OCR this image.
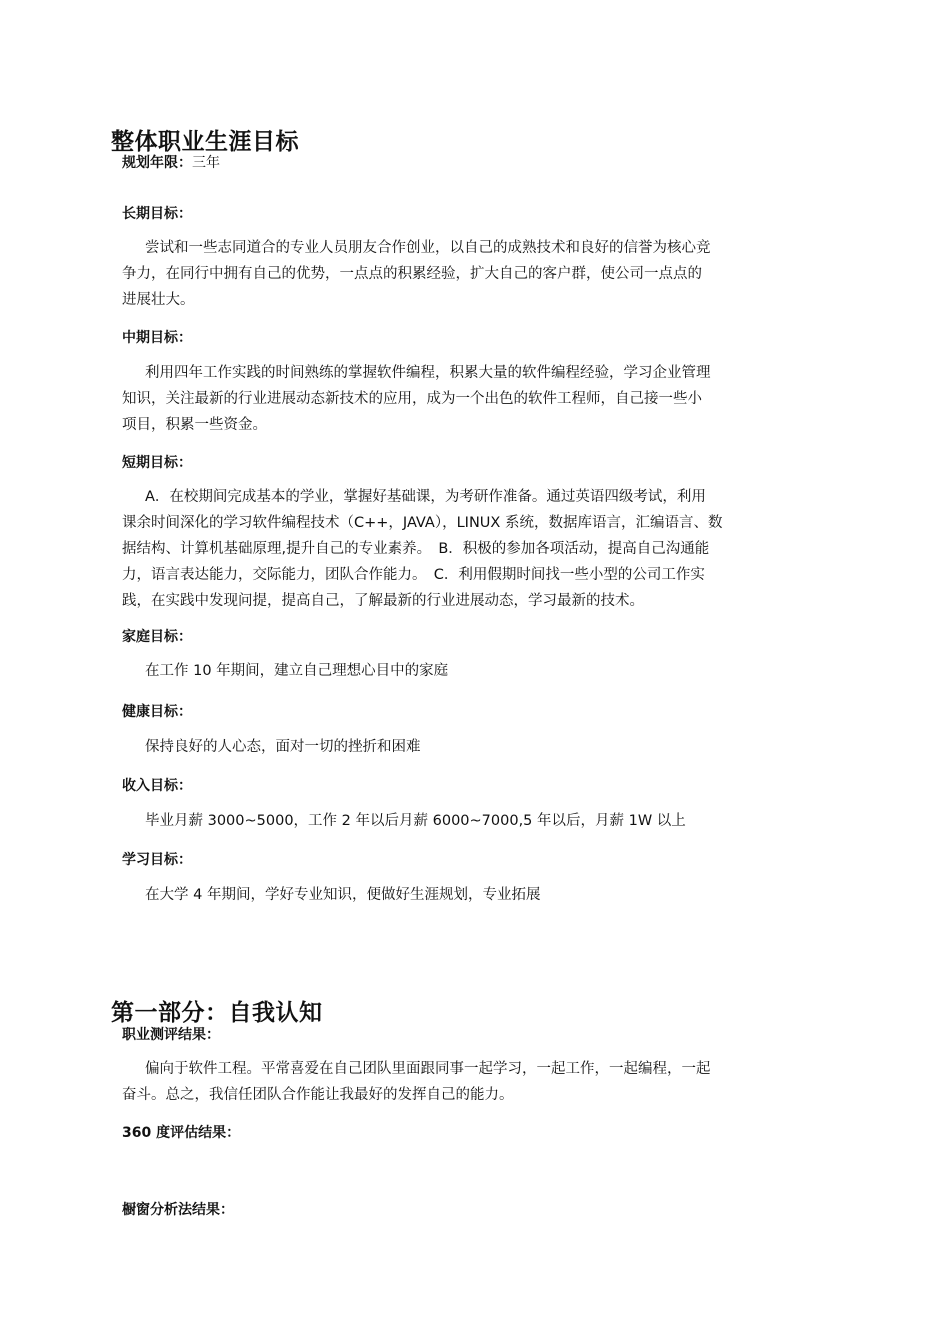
整体职业生涯目标
规划年限：三年
长期目标：
尝试和一些志同道合的专业人员朋友合作创业，以自己的成熟技术和良好的信誉为核心竞
争力，在同行中拥有自己的优势，一点点的积累经验，扩大自己的客户群，使公司一点点的
进展壮大。
中期目标：
利用四年工作实践的时间熟练的掌握软件编程，积累大量的软件编程经验，学习企业管理
知识，关注最新的行业进展动态新技术的应用，成为一个出色的软件工程师，自己接一些小
项目，积累一些资金。
短期目标：
A．在校期间完成基本的学业，掌握好基础课，为考研作准备。通过英语四级考试，利用
课余时间深化的学习软件编程技术（C++，JAVA），LINUX 系统，数据库语言，汇编语言、数
据结构、计算机基础原理,提升自己的专业素养。　B．积极的参加各项活动，提高自己沟通能
力，语言表达能力，交际能力，团队合作能力。　C．利用假期时间找一些小型的公司工作实
践，在实践中发现问提，提高自己，了解最新的行业进展动态，学习最新的技术。
家庭目标：
在工作 10 年期间，建立自己理想心目中的家庭
健康目标：
保持良好的人心态，面对一切的挫折和困难
收入目标：
毕业月薪 3000~5000，工作 2 年以后月薪 6000~7000,5 年以后，月薪 1W 以上
学习目标：
在大学 4 年期间，学好专业知识，便做好生涯规划，专业拓展
第一部分：自我认知
职业测评结果：
偏向于软件工程。平常喜爱在自己团队里面跟同事一起学习，一起工作，一起编程，一起
奋斗。总之，我信任团队合作能让我最好的发挥自己的能力。
360 度评估结果：
橱窗分析法结果：
